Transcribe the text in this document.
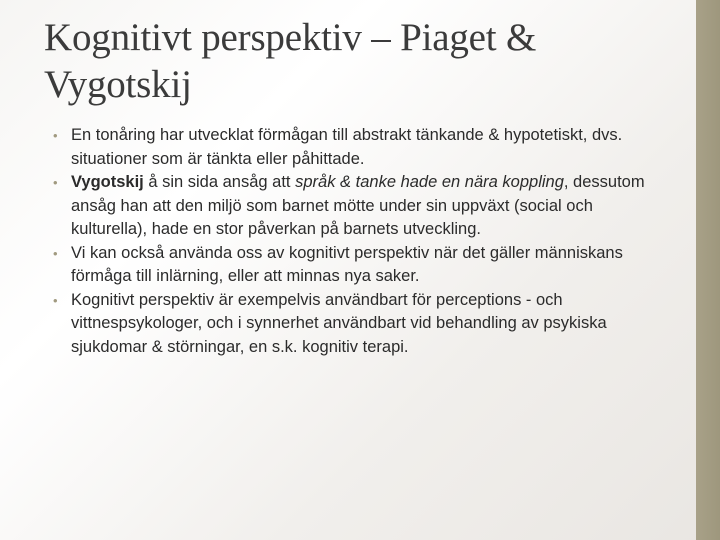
Kognitivt perspektiv – Piaget & Vygotskij
• En tonåring har utvecklat förmågan till abstrakt tänkande & hypotetiskt, dvs. situationer som är tänkta eller påhittade.
• Vygotskij å sin sida ansåg att språk & tanke hade en nära koppling, dessutom ansåg han att den miljö som barnet mötte under sin uppväxt (social och kulturella), hade en stor påverkan på barnets utveckling.
• Vi kan också använda oss av kognitivt perspektiv när det gäller människans förmåga till inlärning, eller att minnas nya saker.
• Kognitivt perspektiv är exempelvis användbart för perceptions - och vittnespsykologer, och i synnerhet användbart vid behandling av psykiska sjukdomar & störningar, en s.k. kognitiv terapi.
